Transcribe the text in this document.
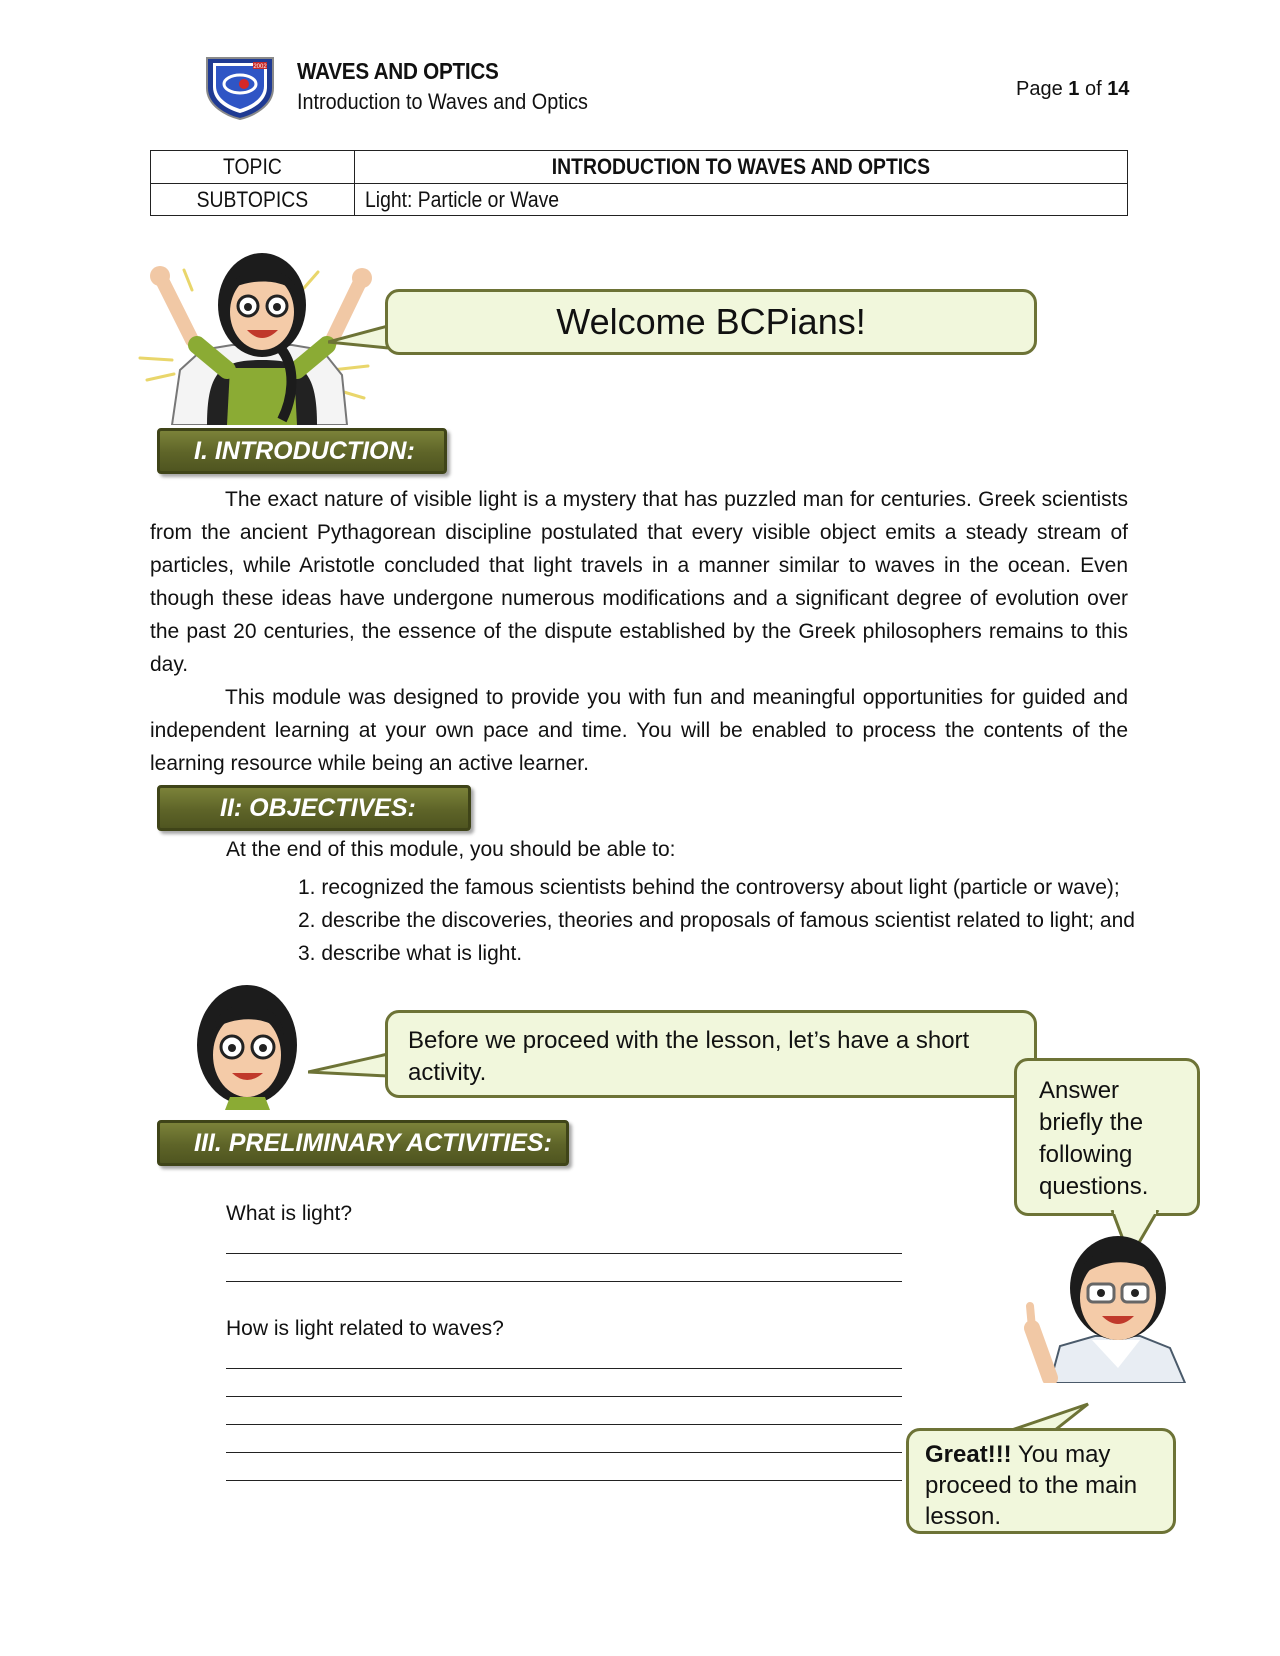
2002 WAVES AND OPTICS
Introduction to Waves and Optics	Page 1 of 14
TOPIC	INTRODUCTION TO WAVES AND OPTICS
SUBTOPICS	Light: Particle or Wave
Welcome BCPians!
I. INTRODUCTION:

The exact nature of visible light is a mystery that has puzzled man for centuries. Greek scientists from the ancient Pythagorean discipline postulated that every visible object emits a steady stream of particles, while Aristotle concluded that light travels in a manner similar to waves in the ocean. Even though these ideas have undergone numerous modifications and a significant degree of evolution over the past 20 centuries, the essence of the dispute established by the Greek philosophers remains to this day.

This module was designed to provide you with fun and meaningful opportunities for guided and independent learning at your own pace and time. You will be enabled to process the contents of the learning resource while being an active learner.

II: OBJECTIVES:
At the end of this module, you should be able to:
1. recognized the famous scientists behind the controversy about light (particle or wave);
2. describe the discoveries, theories and proposals of famous scientist related to light; and
3. describe what is light.
Before we proceed with the lesson, let’s have a short activity.
Answer briefly the following questions.
III. PRELIMINARY ACTIVITIES:
What is light?
How is light related to waves?
Great!!! You may proceed to the main lesson.
